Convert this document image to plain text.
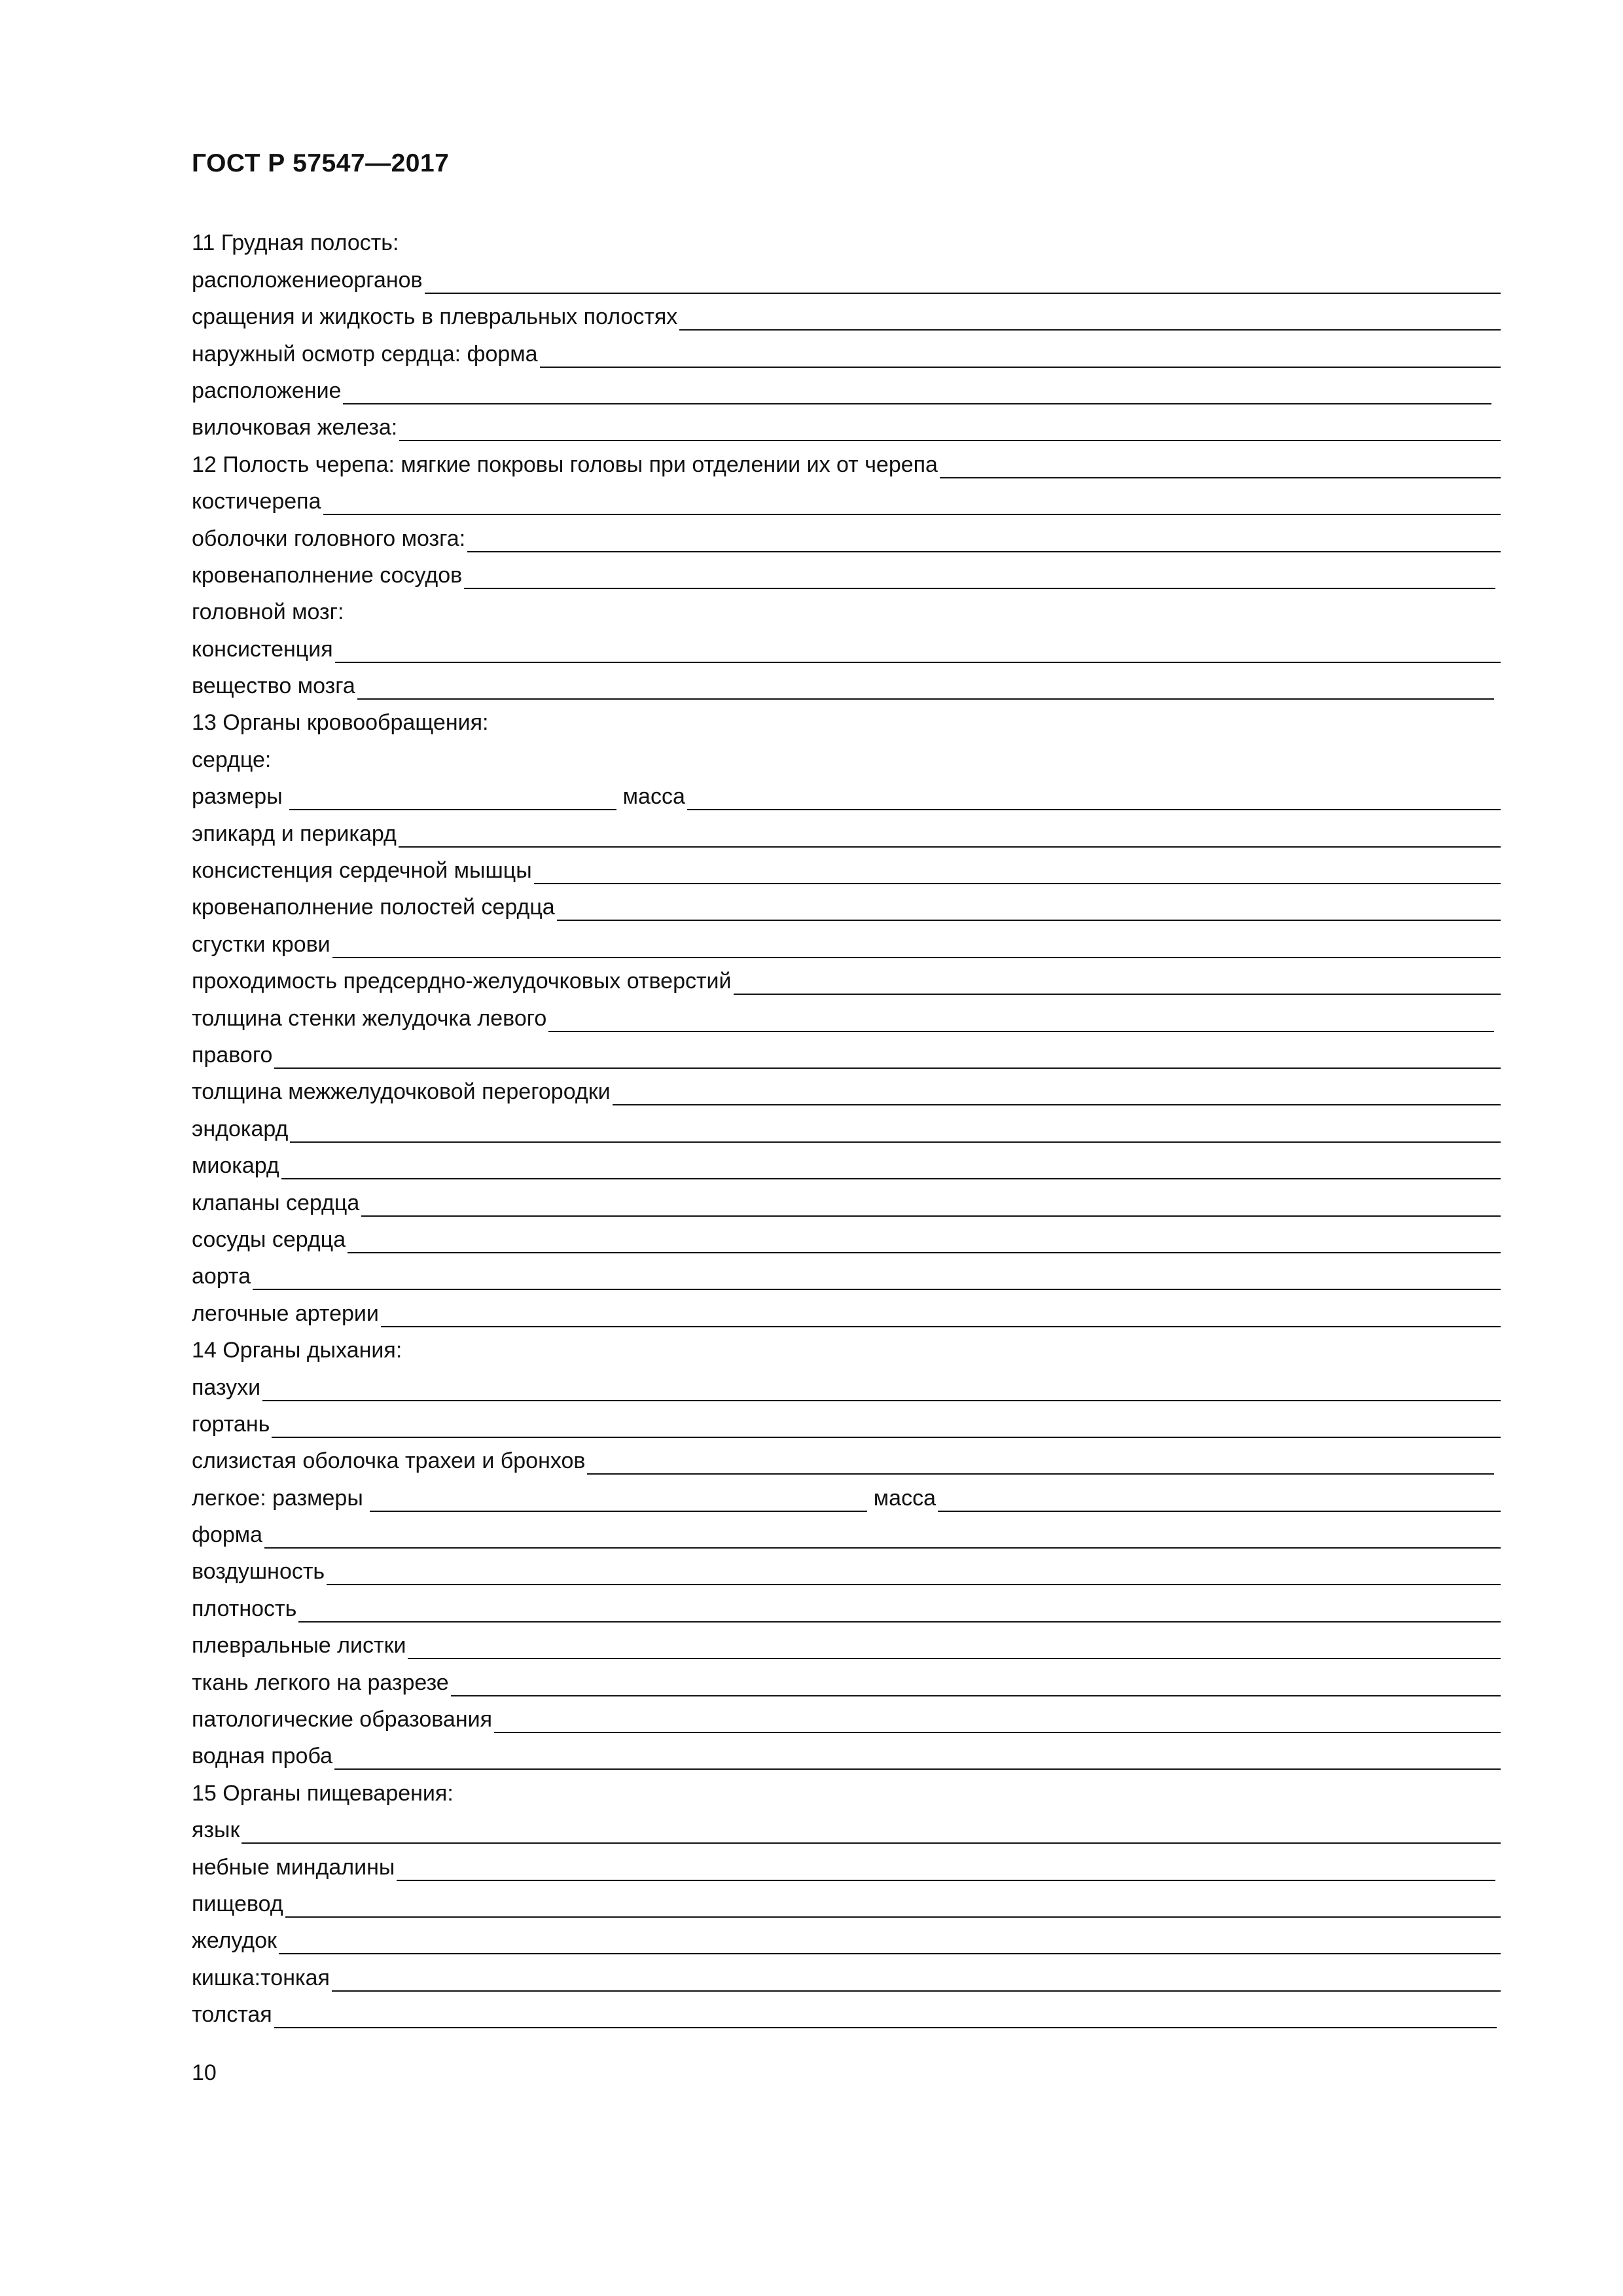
ГОСТ Р 57547—2017
11 Грудная полость:
расположениеорганов
сращения и жидкость в плевральных полостях
наружный осмотр сердца: форма
расположение
вилочковая железа:
12 Полость черепа: мягкие покровы головы при отделении их от черепа
костичерепа
оболочки головного мозга:
кровенаполнение сосудов
головной мозг:
консистенция
вещество мозга
13 Органы кровообращения:
сердце:
размеры	масса
эпикард и перикард
консистенция сердечной мышцы
кровенаполнение полостей сердца
сгустки крови
проходимость предсердно-желудочковых отверстий
толщина стенки желудочка левого
правого
толщина межжелудочковой перегородки
эндокард
миокард
клапаны сердца
сосуды сердца
аорта
легочные артерии
14 Органы дыхания:
пазухи
гортань
слизистая оболочка трахеи и бронхов
легкое: размеры	масса
форма
воздушность
плотность
плевральные листки
ткань легкого на разрезе
патологические образования
водная проба
15 Органы пищеварения:
язык
небные миндалины
пищевод
желудок
кишка:тонкая
толстая
10
